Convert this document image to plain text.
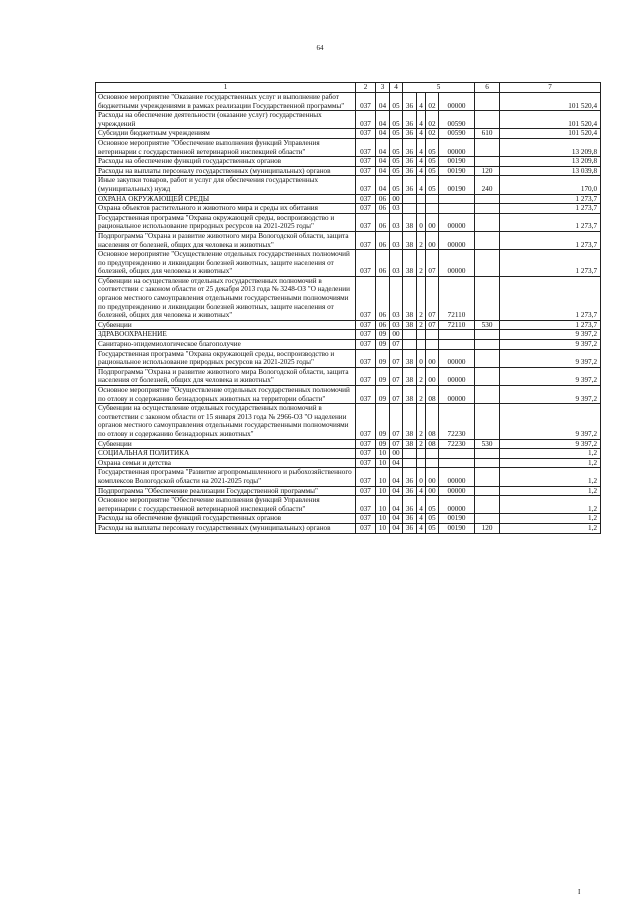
64
1	2	3	4	5				6	7
Основное мероприятие "Оказание государственных услуг и выполнение работ бюджетными учреждениями в рамках реализации Государственной программы"	037	04	05	36	4	02	00000		101 520,4
Расходы на обеспечение деятельности (оказание услуг) государственных учреждений	037	04	05	36	4	02	00590		101 520,4
Субсидии бюджетным учреждениям	037	04	05	36	4	02	00590	610	101 520,4
Основное мероприятие "Обеспечение выполнения функций Управления ветеринарии с государственной ветеринарной инспекцией области"	037	04	05	36	4	05	00000		13 209,8
Расходы на обеспечение функций государственных органов	037	04	05	36	4	05	00190		13 209,8
Расходы на выплаты персоналу государственных (муниципальных) органов	037	04	05	36	4	05	00190	120	13 039,8
Иные закупки товаров, работ и услуг для обеспечения государственных (муниципальных) нужд	037	04	05	36	4	05	00190	240	170,0
ОХРАНА ОКРУЖАЮЩЕЙ СРЕДЫ	037	06	00						1 273,7
Охрана объектов растительного и животного мира и среды их обитания	037	06	03						1 273,7
Государственная программа "Охрана окружающей среды, воспроизводство и рациональное использование природных ресурсов на 2021-2025 годы"	037	06	03	38	0	00	00000		1 273,7
Подпрограмма "Охрана и развитие животного мира Вологодской области, защита населения от болезней, общих для человека и животных"	037	06	03	38	2	00	00000		1 273,7
Основное мероприятие "Осуществление отдельных государственных полномочий по предупреждению и ликвидации болезней животных, защите населения от болезней, общих для человека и животных"	037	06	03	38	2	07	00000		1 273,7
Субвенции на осуществление отдельных государственных полномочий в соответствии с законом области от 25 декабря 2013 года № 3248-ОЗ "О наделении органов местного самоуправления отдельными государственными полномочиями по предупреждению и ликвидации болезней животных, защите населения от болезней, общих для человека и животных"	037	06	03	38	2	07	72110		1 273,7
Субвенции	037	06	03	38	2	07	72110	530	1 273,7
ЗДРАВООХРАНЕНИЕ	037	09	00						9 397,2
Санитарно-эпидемиологическое благополучие	037	09	07						9 397,2
Государственная программа "Охрана окружающей среды, воспроизводство и рациональное использование природных ресурсов на 2021-2025 годы"	037	09	07	38	0	00	00000		9 397,2
Подпрограмма "Охрана и развитие животного мира Вологодской области, защита населения от болезней, общих для человека и животных"	037	09	07	38	2	00	00000		9 397,2
Основное мероприятие "Осуществление отдельных государственных полномочий по отлову и содержанию безнадзорных животных на территории области"	037	09	07	38	2	08	00000		9 397,2
Субвенции на осуществление отдельных государственных полномочий в соответствии с законом области от 15 января 2013 года № 2966-ОЗ "О наделении органов местного самоуправления отдельными государственными полномочиями по отлову и содержанию безнадзорных животных"	037	09	07	38	2	08	72230		9 397,2
Субвенции	037	09	07	38	2	08	72230	530	9 397,2
СОЦИАЛЬНАЯ ПОЛИТИКА	037	10	00						1,2
Охрана семьи и детства	037	10	04						1,2
Государственная программа "Развитие агропромышленного и рыбохозяйственного комплексов Вологодской области на 2021-2025 годы"	037	10	04	36	0	00	00000		1,2
Подпрограмма "Обеспечение реализации Государственной программы"	037	10	04	36	4	00	00000		1,2
Основное мероприятие "Обеспечение выполнения функций Управления ветеринарии с государственной ветеринарной инспекцией области"	037	10	04	36	4	05	00000		1,2
Расходы на обеспечение функций государственных органов	037	10	04	36	4	05	00190		1,2
Расходы на выплаты персоналу государственных (муниципальных) органов	037	10	04	36	4	05	00190	120	1,2
I
